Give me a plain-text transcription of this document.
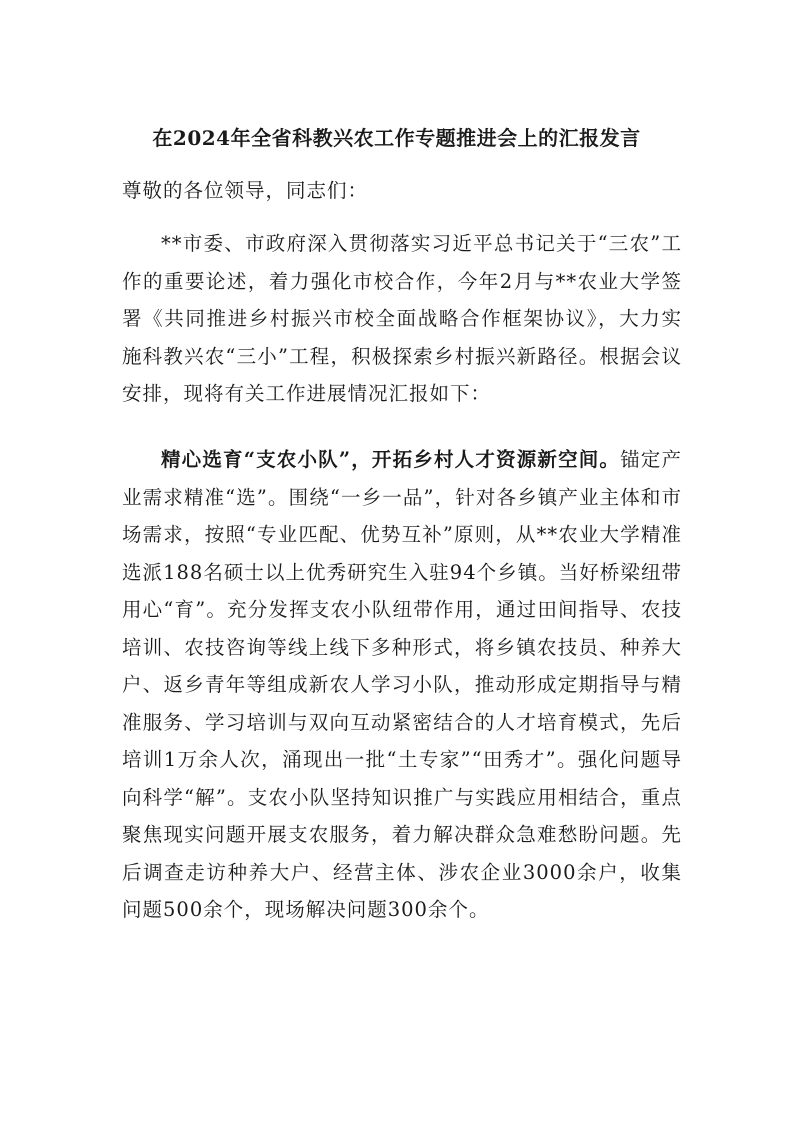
在2024年全省科教兴农工作专题推进会上的汇报发言
尊敬的各位领导，同志们：

**市委、市政府深入贯彻落实习近平总书记关于“三农”工作的重要论述，着力强化市校合作，今年2月与**农业大学签署《共同推进乡村振兴市校全面战略合作框架协议》，大力实施科教兴农“三小”工程，积极探索乡村振兴新路径。根据会议安排，现将有关工作进展情况汇报如下：

精心选育“支农小队”，开拓乡村人才资源新空间。锚定产业需求精准“选”。围绕“一乡一品”，针对各乡镇产业主体和市场需求，按照“专业匹配、优势互补”原则，从**农业大学精准选派188名硕士以上优秀研究生入驻94个乡镇。当好桥梁纽带用心“育”。充分发挥支农小队纽带作用，通过田间指导、农技培训、农技咨询等线上线下多种形式，将乡镇农技员、种养大户、返乡青年等组成新农人学习小队，推动形成定期指导与精准服务、学习培训与双向互动紧密结合的人才培育模式，先后培训1万余人次，涌现出一批“土专家”“田秀才”。强化问题导向科学“解”。支农小队坚持知识推广与实践应用相结合，重点聚焦现实问题开展支农服务，着力解决群众急难愁盼问题。先后调查走访种养大户、经营主体、涉农企业3000余户，收集问题500余个，现场解决问题300余个。
